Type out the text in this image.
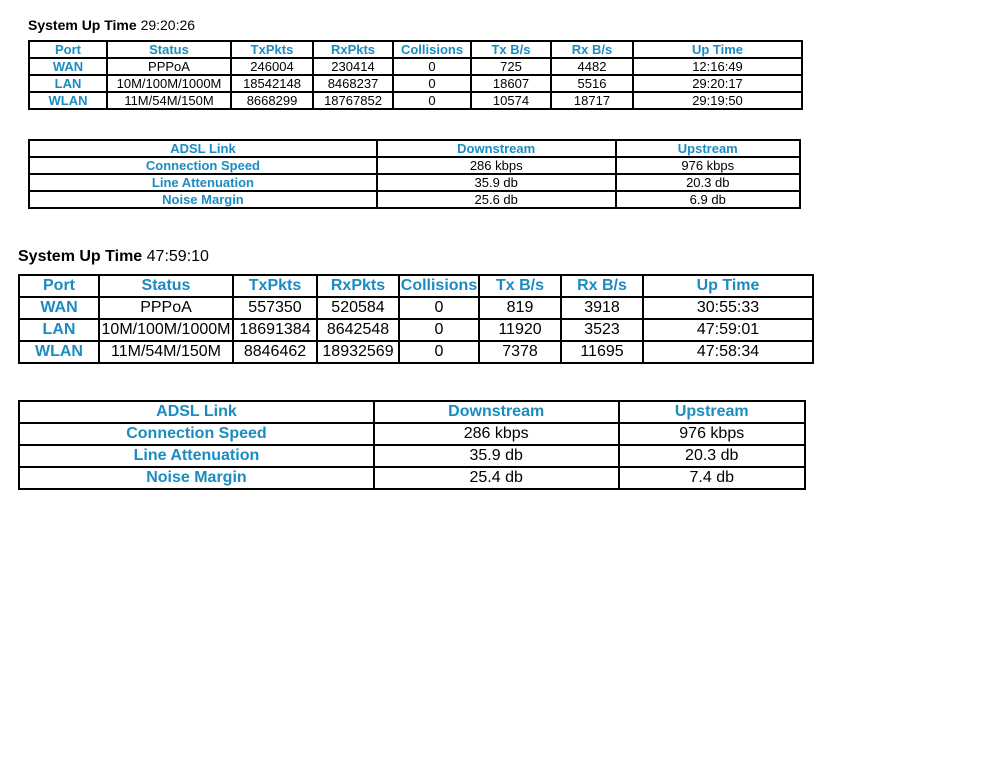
System Up Time 29:20:26
Port	Status	TxPkts	RxPkts	Collisions	Tx B/s	Rx B/s	Up Time
WAN	PPPoA	246004	230414	0	725	4482	12:16:49
LAN	10M/100M/1000M	18542148	8468237	0	18607	5516	29:20:17
WLAN	11M/54M/150M	8668299	18767852	0	10574	18717	29:19:50
ADSL Link	Downstream	Upstream
Connection Speed	286 kbps	976 kbps
Line Attenuation	35.9 db	20.3 db
Noise Margin	25.6 db	6.9 db
System Up Time 47:59:10
Port	Status	TxPkts	RxPkts	Collisions	Tx B/s	Rx B/s	Up Time
WAN	PPPoA	557350	520584	0	819	3918	30:55:33
LAN	10M/100M/1000M	18691384	8642548	0	11920	3523	47:59:01
WLAN	11M/54M/150M	8846462	18932569	0	7378	11695	47:58:34
ADSL Link	Downstream	Upstream
Connection Speed	286 kbps	976 kbps
Line Attenuation	35.9 db	20.3 db
Noise Margin	25.4 db	7.4 db
